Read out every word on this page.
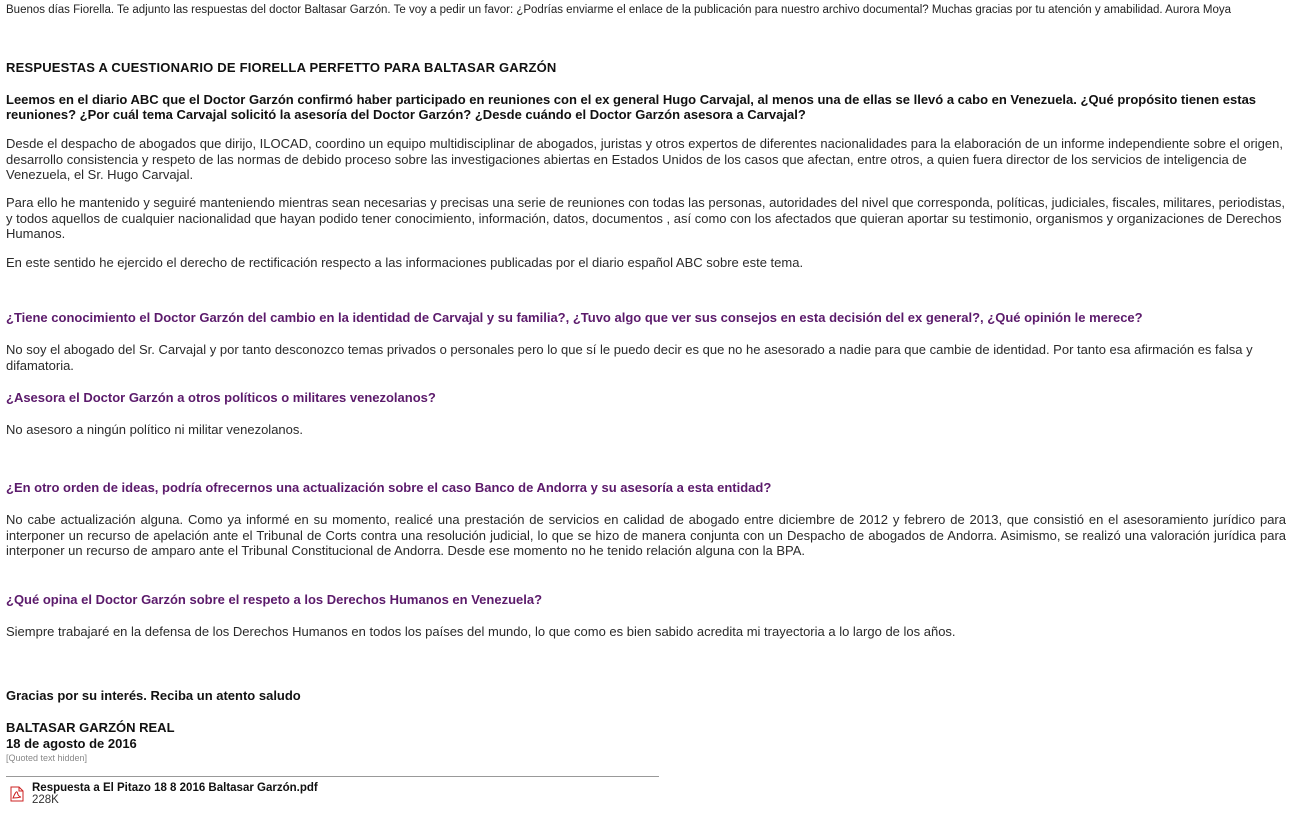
Buenos días Fiorella. Te adjunto las respuestas del doctor Baltasar Garzón. Te voy a pedir un favor: ¿Podrías enviarme el enlace de la publicación para nuestro archivo documental? Muchas gracias por tu atención y amabilidad. Aurora Moya
RESPUESTAS A CUESTIONARIO DE FIORELLA PERFETTO PARA BALTASAR GARZÓN
Leemos en el diario ABC que el Doctor Garzón confirmó haber participado en reuniones con el ex general Hugo Carvajal, al menos una de ellas se llevó a cabo en Venezuela. ¿Qué propósito tienen estas reuniones? ¿Por cuál tema Carvajal solicitó la asesoría del Doctor Garzón? ¿Desde cuándo el Doctor Garzón asesora a Carvajal?
Desde el despacho de abogados que dirijo, ILOCAD, coordino un equipo multidisciplinar de abogados, juristas y otros expertos de diferentes nacionalidades para la elaboración de un informe independiente sobre el origen, desarrollo consistencia y respeto de las normas de debido proceso sobre las investigaciones abiertas en Estados Unidos de los casos que afectan, entre otros, a quien fuera director de los servicios de inteligencia de Venezuela, el Sr. Hugo Carvajal.
Para ello he mantenido y seguiré manteniendo mientras sean necesarias y precisas una serie de reuniones con todas las personas, autoridades del nivel que corresponda, políticas, judiciales, fiscales, militares, periodistas, y todos aquellos de cualquier nacionalidad que hayan podido tener conocimiento, información, datos, documentos , así como con los afectados que quieran aportar su testimonio, organismos y organizaciones de Derechos Humanos.
En este sentido he ejercido el derecho de rectificación respecto a las informaciones publicadas por el diario español ABC sobre este tema.
¿Tiene conocimiento el Doctor Garzón del cambio en la identidad de Carvajal y su familia?, ¿Tuvo algo que ver sus consejos en esta decisión del ex general?, ¿Qué opinión le merece?
No soy el abogado del Sr. Carvajal y por tanto desconozco temas privados o personales pero lo que sí le puedo decir es que no he asesorado a nadie para que cambie de identidad. Por tanto esa afirmación es falsa y difamatoria.
¿Asesora el Doctor Garzón a otros políticos o militares venezolanos?
No asesoro a ningún político ni militar venezolanos.
¿En otro orden de ideas, podría ofrecernos una actualización sobre el caso Banco de Andorra y su asesoría a esta entidad?
No cabe actualización alguna. Como ya informé en su momento, realicé una prestación de servicios en calidad de abogado entre diciembre de 2012 y febrero de 2013, que consistió en el asesoramiento jurídico para interponer un recurso de apelación ante el Tribunal de Corts contra una resolución judicial, lo que se hizo de manera conjunta con un Despacho de abogados de Andorra. Asimismo, se realizó una valoración jurídica para interponer un recurso de amparo ante el Tribunal Constitucional de Andorra. Desde ese momento no he tenido relación alguna con la BPA.
¿Qué opina el Doctor Garzón sobre el respeto a los Derechos Humanos en Venezuela?
Siempre trabajaré en la defensa de los Derechos Humanos en todos los países del mundo, lo que como es bien sabido acredita mi trayectoria a lo largo de los años.
Gracias por su interés. Reciba un atento saludo
BALTASAR GARZÓN REAL
18 de agosto de 2016
[Quoted text hidden]
Respuesta a El Pitazo 18 8 2016 Baltasar Garzón.pdf
228K
